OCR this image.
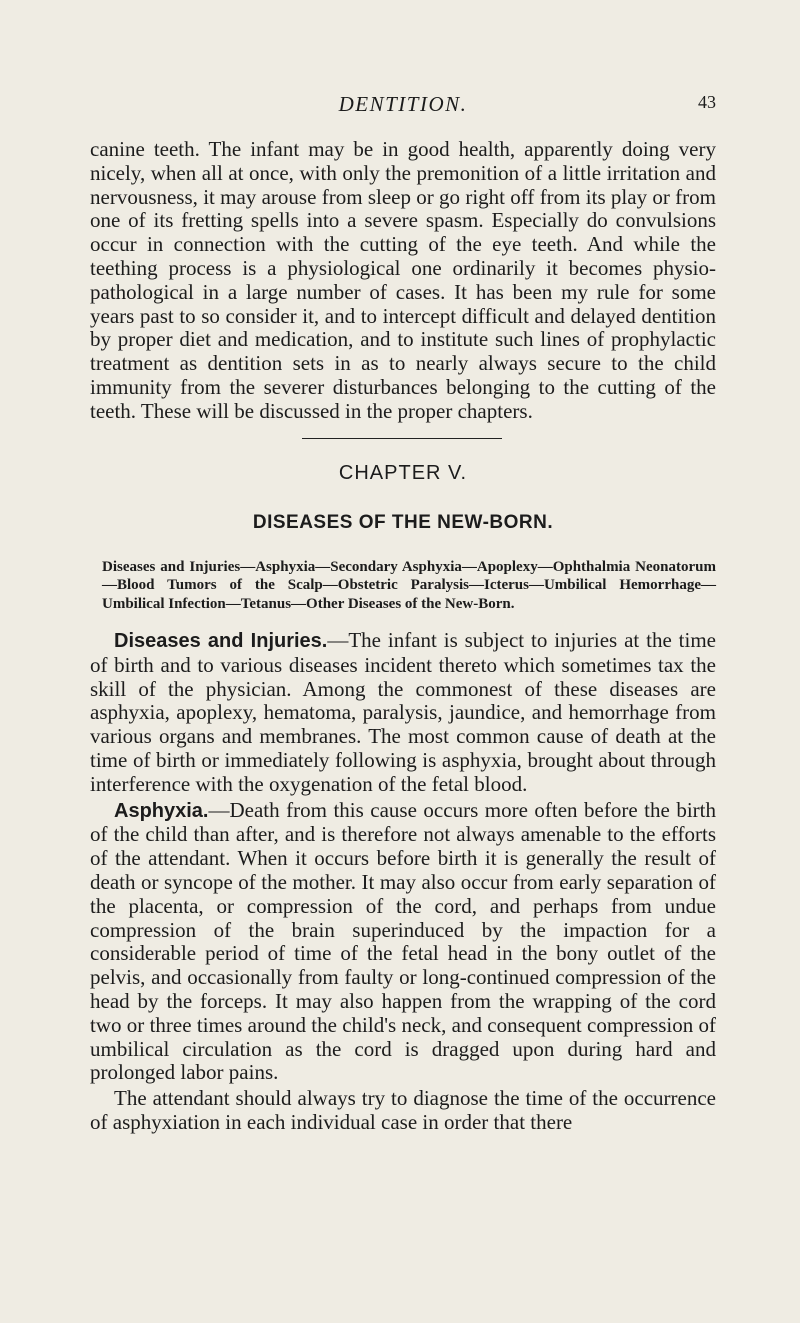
DENTITION.	43

canine teeth. The infant may be in good health, apparently doing very nicely, when all at once, with only the premonition of a little irritation and nervousness, it may arouse from sleep or go right off from its play or from one of its fretting spells into a severe spasm. Especially do convulsions occur in connection with the cutting of the eye teeth. And while the teething process is a physiological one ordinarily it becomes physio-pathological in a large number of cases. It has been my rule for some years past to so consider it, and to intercept difficult and delayed dentition by proper diet and medication, and to institute such lines of prophylactic treatment as dentition sets in as to nearly always secure to the child immunity from the severer disturbances belonging to the cutting of the teeth. These will be discussed in the proper chapters.

CHAPTER V.
DISEASES OF THE NEW-BORN.

Diseases and Injuries—Asphyxia—Secondary Asphyxia—Apoplexy—Ophthalmia Neonatorum—Blood Tumors of the Scalp—Obstetric Paralysis—Icterus—Umbilical Hemorrhage—Umbilical Infection—Tetanus—Other Diseases of the New-Born.

Diseases and Injuries.—The infant is subject to injuries at the time of birth and to various diseases incident thereto which sometimes tax the skill of the physician. Among the commonest of these diseases are asphyxia, apoplexy, hematoma, paralysis, jaundice, and hemorrhage from various organs and membranes. The most common cause of death at the time of birth or immediately following is asphyxia, brought about through interference with the oxygenation of the fetal blood.

Asphyxia.—Death from this cause occurs more often before the birth of the child than after, and is therefore not always amenable to the efforts of the attendant. When it occurs before birth it is generally the result of death or syncope of the mother. It may also occur from early separation of the placenta, or compression of the cord, and perhaps from undue compression of the brain superinduced by the impaction for a considerable period of time of the fetal head in the bony outlet of the pelvis, and occasionally from faulty or long-continued compression of the head by the forceps. It may also happen from the wrapping of the cord two or three times around the child's neck, and consequent compression of umbilical circulation as the cord is dragged upon during hard and prolonged labor pains.

The attendant should always try to diagnose the time of the occurrence of asphyxiation in each individual case in order that there
